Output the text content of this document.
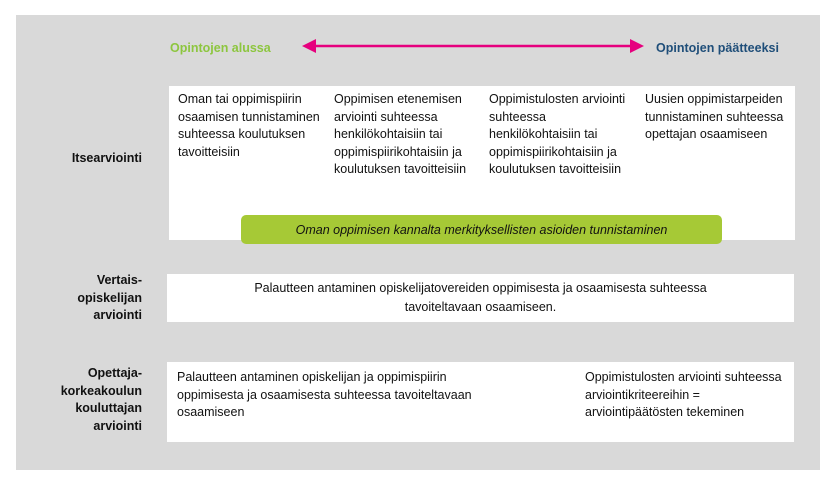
Opintojen alussa	Opintojen päätteeksi
Itsearviointi
Oman tai oppimispiirin osaamisen tunnistaminen suhteessa koulutuksen tavoitteisiin
Oppimisen etenemisen arviointi suhteessa henkilökohtaisiin tai oppimispiirikohtaisiin ja koulutuksen tavoitteisiin
Oppimistulosten arviointi suhteessa henkilökohtaisiin tai oppimispiirikohtaisiin ja koulutuksen tavoitteisiin
Uusien oppimistarpeiden tunnistaminen suhteessa opettajan osaamiseen
Oman oppimisen kannalta merkityksellisten asioiden tunnistaminen
Vertais-
opiskelijan
arviointi
Palautteen antaminen opiskelijatovereiden oppimisesta ja osaamisesta suhteessa
tavoiteltavaan osaamiseen.
Opettaja-
korkeakoulun
kouluttajan
arviointi
Palautteen antaminen opiskelijan ja oppimispiirin oppimisesta ja osaamisesta suhteessa tavoiteltavaan osaamiseen
Oppimistulosten arviointi suhteessa arviointikriteereihin = arviointipäätösten tekeminen
